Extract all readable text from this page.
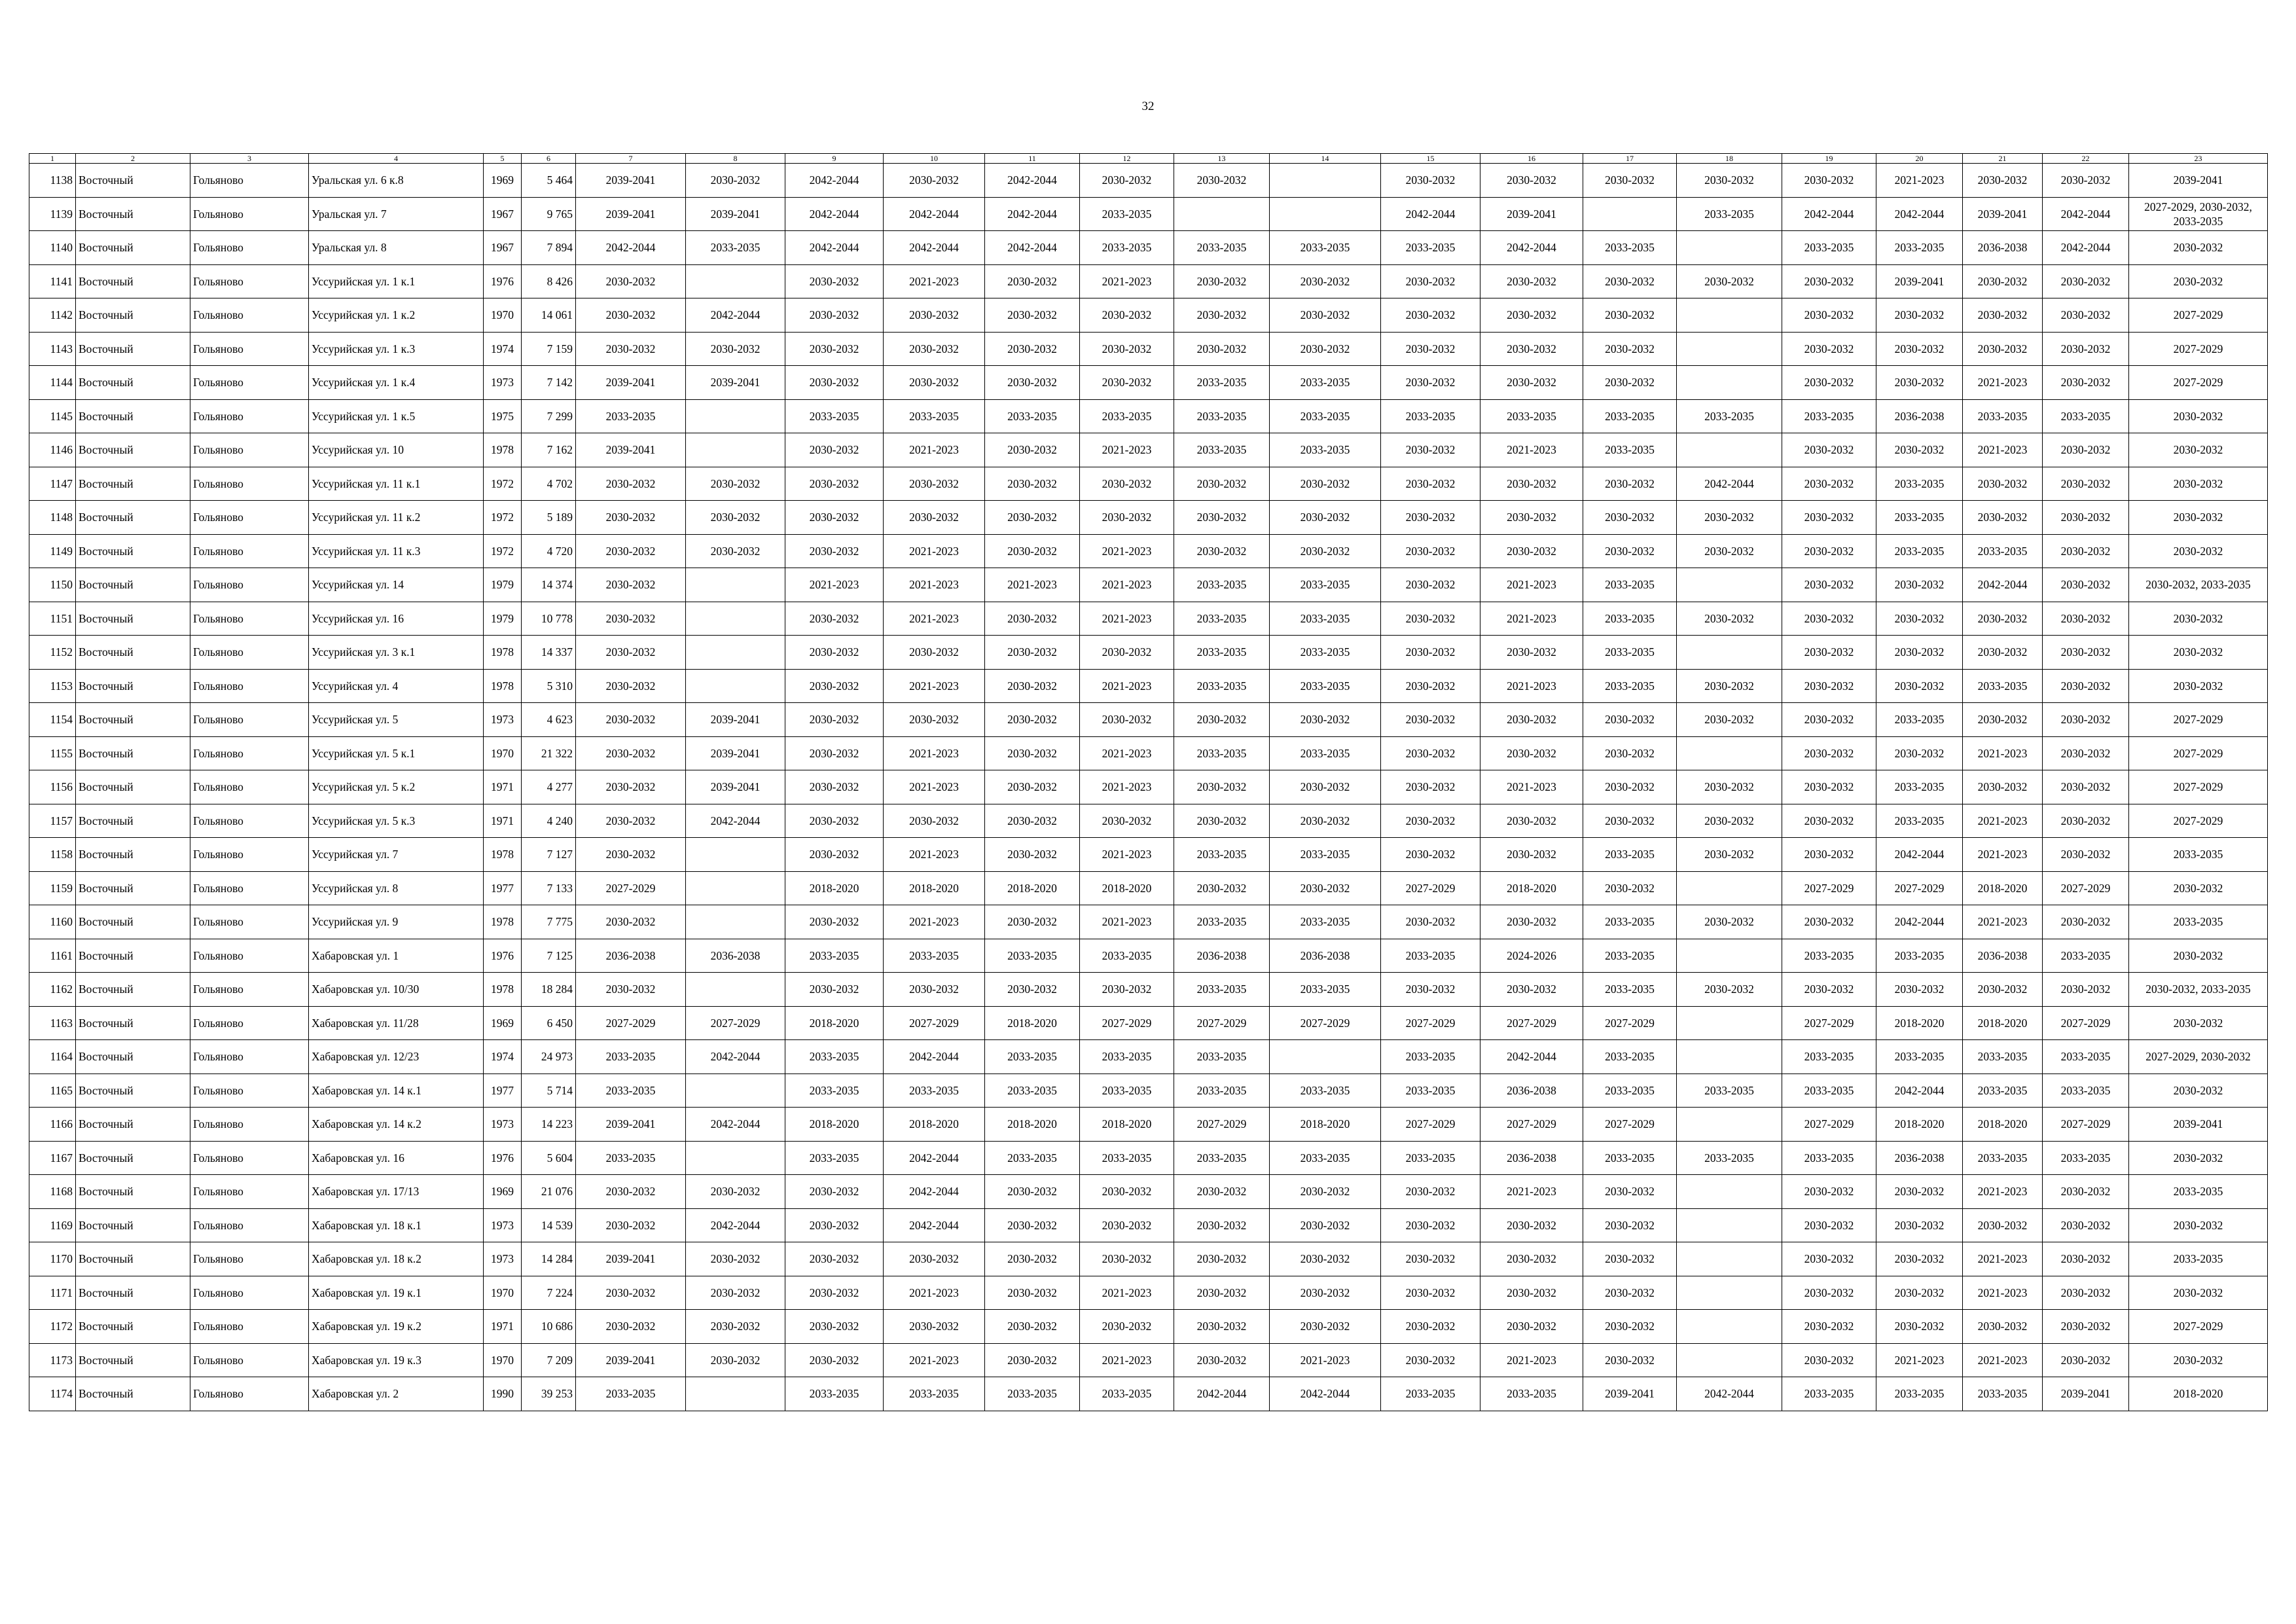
32
1	2	3	4	5	6	7	8	9	10	11	12	13	14	15	16	17	18	19	20	21	22	23
1138	Восточный	Гольяново	Уральская ул. 6 к.8	1969	5 464	2039-2041	2030-2032	2042-2044	2030-2032	2042-2044	2030-2032	2030-2032		2030-2032	2030-2032	2030-2032	2030-2032	2030-2032	2021-2023	2030-2032	2030-2032	2039-2041
1139	Восточный	Гольяново	Уральская ул. 7	1967	9 765	2039-2041	2039-2041	2042-2044	2042-2044	2042-2044	2033-2035			2042-2044	2039-2041		2033-2035	2042-2044	2042-2044	2039-2041	2042-2044	2027-2029, 2030-2032, 2033-2035
1140	Восточный	Гольяново	Уральская ул. 8	1967	7 894	2042-2044	2033-2035	2042-2044	2042-2044	2042-2044	2033-2035	2033-2035	2033-2035	2033-2035	2042-2044	2033-2035		2033-2035	2033-2035	2036-2038	2042-2044	2030-2032
1141	Восточный	Гольяново	Уссурийская ул. 1 к.1	1976	8 426	2030-2032		2030-2032	2021-2023	2030-2032	2021-2023	2030-2032	2030-2032	2030-2032	2030-2032	2030-2032	2030-2032	2030-2032	2039-2041	2030-2032	2030-2032	2030-2032
1142	Восточный	Гольяново	Уссурийская ул. 1 к.2	1970	14 061	2030-2032	2042-2044	2030-2032	2030-2032	2030-2032	2030-2032	2030-2032	2030-2032	2030-2032	2030-2032	2030-2032		2030-2032	2030-2032	2030-2032	2030-2032	2027-2029
1143	Восточный	Гольяново	Уссурийская ул. 1 к.3	1974	7 159	2030-2032	2030-2032	2030-2032	2030-2032	2030-2032	2030-2032	2030-2032	2030-2032	2030-2032	2030-2032	2030-2032		2030-2032	2030-2032	2030-2032	2030-2032	2027-2029
1144	Восточный	Гольяново	Уссурийская ул. 1 к.4	1973	7 142	2039-2041	2039-2041	2030-2032	2030-2032	2030-2032	2030-2032	2033-2035	2033-2035	2030-2032	2030-2032	2030-2032		2030-2032	2030-2032	2021-2023	2030-2032	2027-2029
1145	Восточный	Гольяново	Уссурийская ул. 1 к.5	1975	7 299	2033-2035		2033-2035	2033-2035	2033-2035	2033-2035	2033-2035	2033-2035	2033-2035	2033-2035	2033-2035	2033-2035	2033-2035	2036-2038	2033-2035	2033-2035	2030-2032
1146	Восточный	Гольяново	Уссурийская ул. 10	1978	7 162	2039-2041		2030-2032	2021-2023	2030-2032	2021-2023	2033-2035	2033-2035	2030-2032	2021-2023	2033-2035		2030-2032	2030-2032	2021-2023	2030-2032	2030-2032
1147	Восточный	Гольяново	Уссурийская ул. 11 к.1	1972	4 702	2030-2032	2030-2032	2030-2032	2030-2032	2030-2032	2030-2032	2030-2032	2030-2032	2030-2032	2030-2032	2030-2032	2042-2044	2030-2032	2033-2035	2030-2032	2030-2032	2030-2032
1148	Восточный	Гольяново	Уссурийская ул. 11 к.2	1972	5 189	2030-2032	2030-2032	2030-2032	2030-2032	2030-2032	2030-2032	2030-2032	2030-2032	2030-2032	2030-2032	2030-2032	2030-2032	2030-2032	2033-2035	2030-2032	2030-2032	2030-2032
1149	Восточный	Гольяново	Уссурийская ул. 11 к.3	1972	4 720	2030-2032	2030-2032	2030-2032	2021-2023	2030-2032	2021-2023	2030-2032	2030-2032	2030-2032	2030-2032	2030-2032	2030-2032	2030-2032	2033-2035	2033-2035	2030-2032	2030-2032
1150	Восточный	Гольяново	Уссурийская ул. 14	1979	14 374	2030-2032		2021-2023	2021-2023	2021-2023	2021-2023	2033-2035	2033-2035	2030-2032	2021-2023	2033-2035		2030-2032	2030-2032	2042-2044	2030-2032	2030-2032, 2033-2035
1151	Восточный	Гольяново	Уссурийская ул. 16	1979	10 778	2030-2032		2030-2032	2021-2023	2030-2032	2021-2023	2033-2035	2033-2035	2030-2032	2021-2023	2033-2035	2030-2032	2030-2032	2030-2032	2030-2032	2030-2032	2030-2032
1152	Восточный	Гольяново	Уссурийская ул. 3 к.1	1978	14 337	2030-2032		2030-2032	2030-2032	2030-2032	2030-2032	2033-2035	2033-2035	2030-2032	2030-2032	2033-2035		2030-2032	2030-2032	2030-2032	2030-2032	2030-2032
1153	Восточный	Гольяново	Уссурийская ул. 4	1978	5 310	2030-2032		2030-2032	2021-2023	2030-2032	2021-2023	2033-2035	2033-2035	2030-2032	2021-2023	2033-2035	2030-2032	2030-2032	2030-2032	2033-2035	2030-2032	2030-2032
1154	Восточный	Гольяново	Уссурийская ул. 5	1973	4 623	2030-2032	2039-2041	2030-2032	2030-2032	2030-2032	2030-2032	2030-2032	2030-2032	2030-2032	2030-2032	2030-2032	2030-2032	2030-2032	2033-2035	2030-2032	2030-2032	2027-2029
1155	Восточный	Гольяново	Уссурийская ул. 5 к.1	1970	21 322	2030-2032	2039-2041	2030-2032	2021-2023	2030-2032	2021-2023	2033-2035	2033-2035	2030-2032	2030-2032	2030-2032		2030-2032	2030-2032	2021-2023	2030-2032	2027-2029
1156	Восточный	Гольяново	Уссурийская ул. 5 к.2	1971	4 277	2030-2032	2039-2041	2030-2032	2021-2023	2030-2032	2021-2023	2030-2032	2030-2032	2030-2032	2021-2023	2030-2032	2030-2032	2030-2032	2033-2035	2030-2032	2030-2032	2027-2029
1157	Восточный	Гольяново	Уссурийская ул. 5 к.3	1971	4 240	2030-2032	2042-2044	2030-2032	2030-2032	2030-2032	2030-2032	2030-2032	2030-2032	2030-2032	2030-2032	2030-2032	2030-2032	2030-2032	2033-2035	2021-2023	2030-2032	2027-2029
1158	Восточный	Гольяново	Уссурийская ул. 7	1978	7 127	2030-2032		2030-2032	2021-2023	2030-2032	2021-2023	2033-2035	2033-2035	2030-2032	2030-2032	2033-2035	2030-2032	2030-2032	2042-2044	2021-2023	2030-2032	2033-2035
1159	Восточный	Гольяново	Уссурийская ул. 8	1977	7 133	2027-2029		2018-2020	2018-2020	2018-2020	2018-2020	2030-2032	2030-2032	2027-2029	2018-2020	2030-2032		2027-2029	2027-2029	2018-2020	2027-2029	2030-2032
1160	Восточный	Гольяново	Уссурийская ул. 9	1978	7 775	2030-2032		2030-2032	2021-2023	2030-2032	2021-2023	2033-2035	2033-2035	2030-2032	2030-2032	2033-2035	2030-2032	2030-2032	2042-2044	2021-2023	2030-2032	2033-2035
1161	Восточный	Гольяново	Хабаровская ул. 1	1976	7 125	2036-2038	2036-2038	2033-2035	2033-2035	2033-2035	2033-2035	2036-2038	2036-2038	2033-2035	2024-2026	2033-2035		2033-2035	2033-2035	2036-2038	2033-2035	2030-2032
1162	Восточный	Гольяново	Хабаровская ул. 10/30	1978	18 284	2030-2032		2030-2032	2030-2032	2030-2032	2030-2032	2033-2035	2033-2035	2030-2032	2030-2032	2033-2035	2030-2032	2030-2032	2030-2032	2030-2032	2030-2032	2030-2032, 2033-2035
1163	Восточный	Гольяново	Хабаровская ул. 11/28	1969	6 450	2027-2029	2027-2029	2018-2020	2027-2029	2018-2020	2027-2029	2027-2029	2027-2029	2027-2029	2027-2029	2027-2029		2027-2029	2018-2020	2018-2020	2027-2029	2030-2032
1164	Восточный	Гольяново	Хабаровская ул. 12/23	1974	24 973	2033-2035	2042-2044	2033-2035	2042-2044	2033-2035	2033-2035	2033-2035		2033-2035	2042-2044	2033-2035		2033-2035	2033-2035	2033-2035	2033-2035	2027-2029, 2030-2032
1165	Восточный	Гольяново	Хабаровская ул. 14 к.1	1977	5 714	2033-2035		2033-2035	2033-2035	2033-2035	2033-2035	2033-2035	2033-2035	2033-2035	2036-2038	2033-2035	2033-2035	2033-2035	2042-2044	2033-2035	2033-2035	2030-2032
1166	Восточный	Гольяново	Хабаровская ул. 14 к.2	1973	14 223	2039-2041	2042-2044	2018-2020	2018-2020	2018-2020	2018-2020	2027-2029	2018-2020	2027-2029	2027-2029	2027-2029		2027-2029	2018-2020	2018-2020	2027-2029	2039-2041
1167	Восточный	Гольяново	Хабаровская ул. 16	1976	5 604	2033-2035		2033-2035	2042-2044	2033-2035	2033-2035	2033-2035	2033-2035	2033-2035	2036-2038	2033-2035	2033-2035	2033-2035	2036-2038	2033-2035	2033-2035	2030-2032
1168	Восточный	Гольяново	Хабаровская ул. 17/13	1969	21 076	2030-2032	2030-2032	2030-2032	2042-2044	2030-2032	2030-2032	2030-2032	2030-2032	2030-2032	2021-2023	2030-2032		2030-2032	2030-2032	2021-2023	2030-2032	2033-2035
1169	Восточный	Гольяново	Хабаровская ул. 18 к.1	1973	14 539	2030-2032	2042-2044	2030-2032	2042-2044	2030-2032	2030-2032	2030-2032	2030-2032	2030-2032	2030-2032	2030-2032		2030-2032	2030-2032	2030-2032	2030-2032	2030-2032
1170	Восточный	Гольяново	Хабаровская ул. 18 к.2	1973	14 284	2039-2041	2030-2032	2030-2032	2030-2032	2030-2032	2030-2032	2030-2032	2030-2032	2030-2032	2030-2032	2030-2032		2030-2032	2030-2032	2021-2023	2030-2032	2033-2035
1171	Восточный	Гольяново	Хабаровская ул. 19 к.1	1970	7 224	2030-2032	2030-2032	2030-2032	2021-2023	2030-2032	2021-2023	2030-2032	2030-2032	2030-2032	2030-2032	2030-2032		2030-2032	2030-2032	2021-2023	2030-2032	2030-2032
1172	Восточный	Гольяново	Хабаровская ул. 19 к.2	1971	10 686	2030-2032	2030-2032	2030-2032	2030-2032	2030-2032	2030-2032	2030-2032	2030-2032	2030-2032	2030-2032	2030-2032		2030-2032	2030-2032	2030-2032	2030-2032	2027-2029
1173	Восточный	Гольяново	Хабаровская ул. 19 к.3	1970	7 209	2039-2041	2030-2032	2030-2032	2021-2023	2030-2032	2021-2023	2030-2032	2021-2023	2030-2032	2021-2023	2030-2032		2030-2032	2021-2023	2021-2023	2030-2032	2030-2032
1174	Восточный	Гольяново	Хабаровская ул. 2	1990	39 253	2033-2035		2033-2035	2033-2035	2033-2035	2033-2035	2042-2044	2042-2044	2033-2035	2033-2035	2039-2041	2042-2044	2033-2035	2033-2035	2033-2035	2039-2041	2018-2020
